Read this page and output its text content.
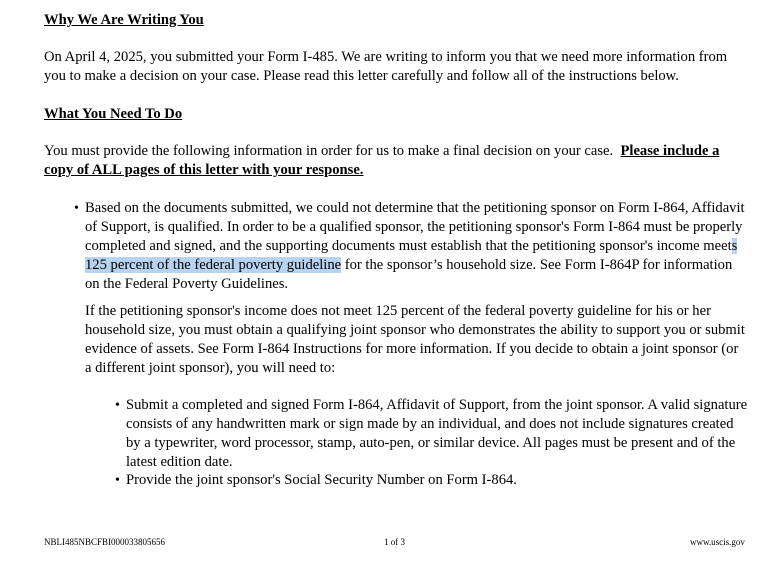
Why We Are Writing You

On April 4, 2025, you submitted your Form I-485. We are writing to inform you that we need more information from you to make a decision on your case. Please read this letter carefully and follow all of the instructions below.

What You Need To Do

You must provide the following information in order for us to make a final decision on your case. Please include a copy of ALL pages of this letter with your response.

• Based on the documents submitted, we could not determine that the petitioning sponsor on Form I-864, Affidavit of Support, is qualified. In order to be a qualified sponsor, the petitioning sponsor's Form I-864 must be properly completed and signed, and the supporting documents must establish that the petitioning sponsor's income meets 125 percent of the federal poverty guideline for the sponsor’s household size. See Form I-864P for information on the Federal Poverty Guidelines.

If the petitioning sponsor's income does not meet 125 percent of the federal poverty guideline for his or her household size, you must obtain a qualifying joint sponsor who demonstrates the ability to support you or submit evidence of assets. See Form I-864 Instructions for more information. If you decide to obtain a joint sponsor (or a different joint sponsor), you will need to:

• Submit a completed and signed Form I-864, Affidavit of Support, from the joint sponsor. A valid signature consists of any handwritten mark or sign made by an individual, and does not include signatures created by a typewriter, word processor, stamp, auto-pen, or similar device. All pages must be present and of the latest edition date.

• Provide the joint sponsor's Social Security Number on Form I-864.

NBLI485NBCFBI000033805656	1 of 3	www.uscis.gov
